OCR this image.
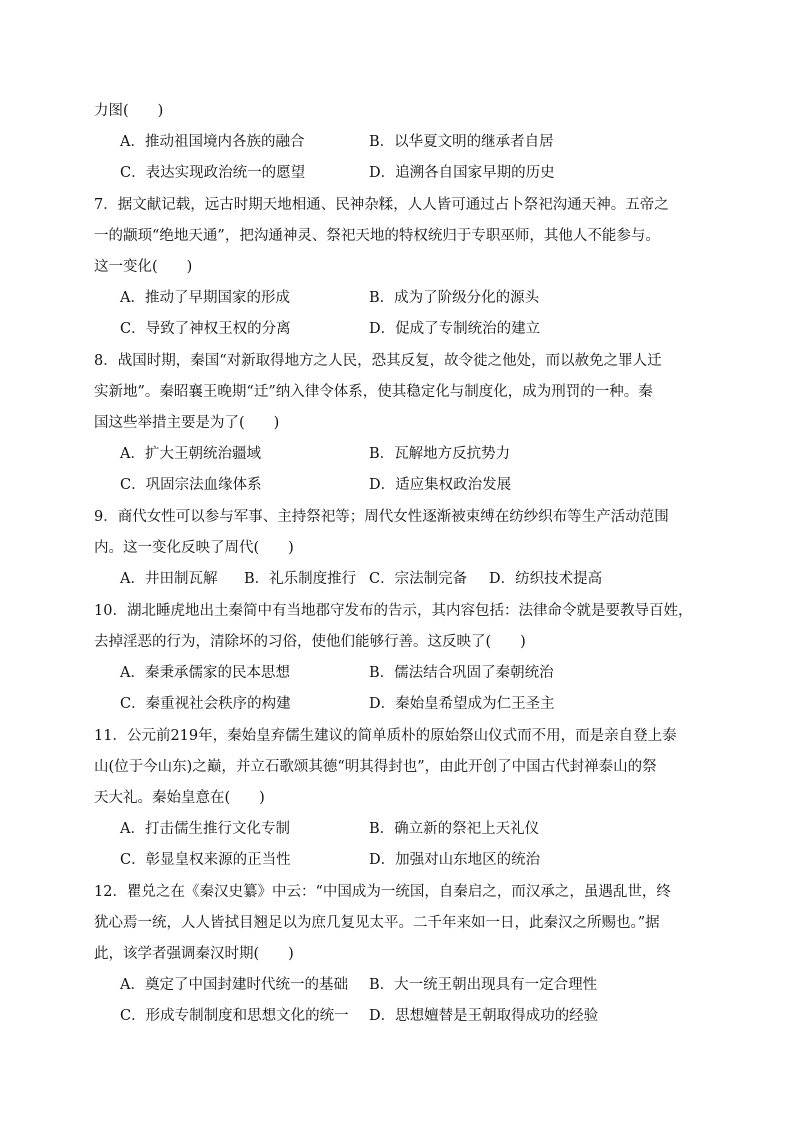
力图(　　)
A．推动祖国境内各族的融合	B．以华夏文明的继承者自居
C．表达实现政治统一的愿望	D．追溯各自国家早期的历史
7．据文献记载，远古时期天地相通、民神杂糅，人人皆可通过占卜祭祀沟通天神。五帝之
一的颛顼“绝地天通”，把沟通神灵、祭祀天地的特权统归于专职巫师，其他人不能参与。
这一变化(　　)
A．推动了早期国家的形成	B．成为了阶级分化的源头
C．导致了神权王权的分离	D．促成了专制统治的建立
8．战国时期，秦国“对新取得地方之人民，恐其反复，故令徙之他处，而以赦免之罪人迁
实新地”。秦昭襄王晚期“迁”纳入律令体系，使其稳定化与制度化，成为刑罚的一种。秦
国这些举措主要是为了(　　)
A．扩大王朝统治疆域	B．瓦解地方反抗势力
C．巩固宗法血缘体系	D．适应集权政治发展
9．商代女性可以参与军事、主持祭祀等；周代女性逐渐被束缚在纺纱织布等生产活动范围
内。这一变化反映了周代(　　)
A．井田制瓦解 B．礼乐制度推行 C．宗法制完备 D．纺织技术提高
10．湖北睡虎地出土秦简中有当地郡守发布的告示，其内容包括：法律命令就是要教导百姓，
去掉淫恶的行为，清除坏的习俗，使他们能够行善。这反映了(　　)
A．秦秉承儒家的民本思想	B．儒法结合巩固了秦朝统治
C．秦重视社会秩序的构建	D．秦始皇希望成为仁王圣主
11．公元前219年，秦始皇弃儒生建议的简单质朴的原始祭山仪式而不用，而是亲自登上泰
山(位于今山东)之巅，并立石歌颂其德“明其得封也”，由此开创了中国古代封禅泰山的祭
天大礼。秦始皇意在(　　)
A．打击儒生推行文化专制	B．确立新的祭祀上天礼仪
C．彰显皇权来源的正当性	D．加强对山东地区的统治
12．瞿兑之在《秦汉史纂》中云：“中国成为一统国，自秦启之，而汉承之，虽遇乱世，终
犹心焉一统，人人皆拭目翘足以为庶几复见太平。二千年来如一日，此秦汉之所赐也。”据
此，该学者强调秦汉时期(　　)
A．奠定了中国封建时代统一的基础 B．大一统王朝出现具有一定合理性
C．形成专制制度和思想文化的统一 D．思想嬗替是王朝取得成功的经验
